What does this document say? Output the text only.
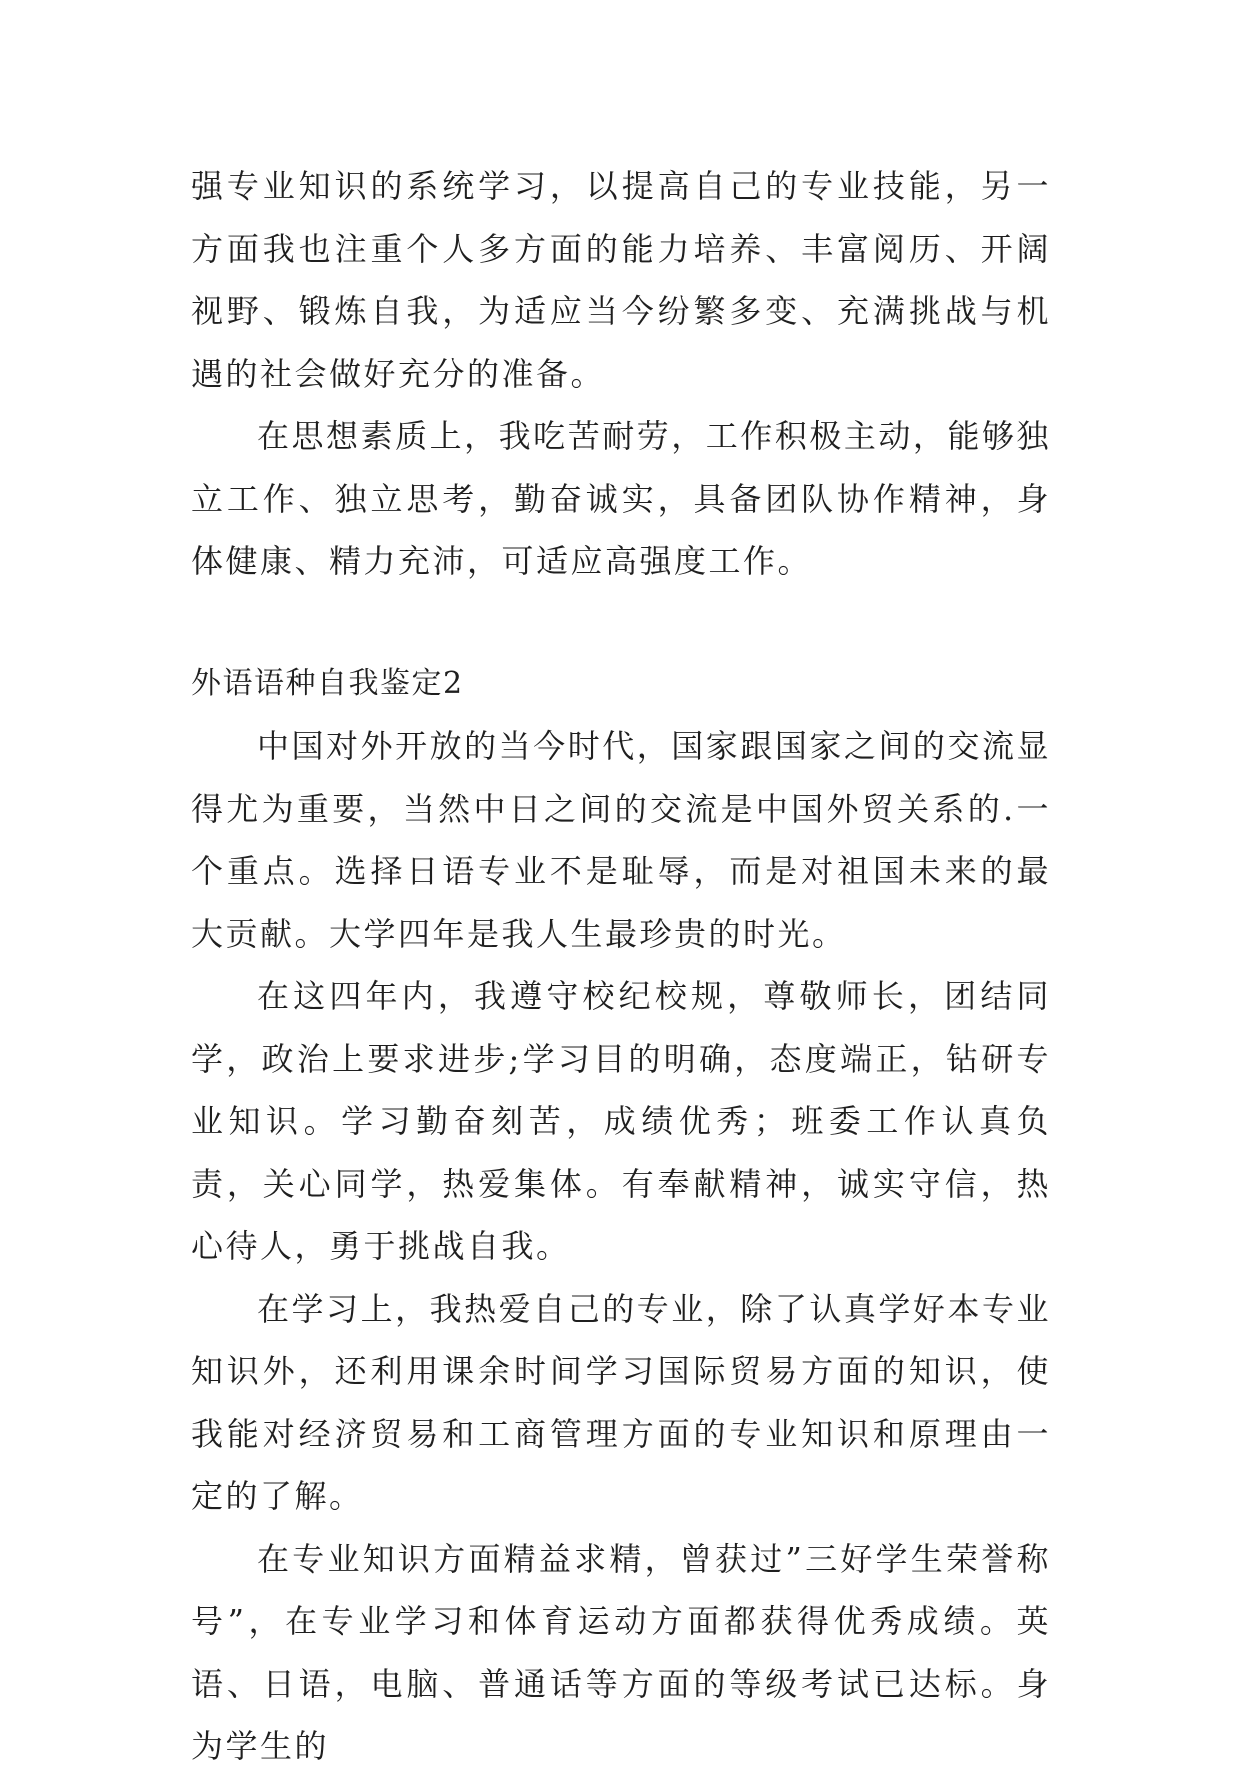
强专业知识的系统学习，以提高自己的专业技能，另一方面我也注重个人多方面的能力培养、丰富阅历、开阔视野、锻炼自我，为适应当今纷繁多变、充满挑战与机遇的社会做好充分的准备。

在思想素质上，我吃苦耐劳，工作积极主动，能够独立工作、独立思考，勤奋诚实，具备团队协作精神，身体健康、精力充沛，可适应高强度工作。

外语语种自我鉴定2

中国对外开放的当今时代，国家跟国家之间的交流显得尤为重要，当然中日之间的交流是中国外贸关系的.一个重点。选择日语专业不是耻辱，而是对祖国未来的最大贡献。大学四年是我人生最珍贵的时光。

在这四年内，我遵守校纪校规，尊敬师长，团结同学，政治上要求进步;学习目的明确，态度端正，钻研专业知识。学习勤奋刻苦，成绩优秀；班委工作认真负责，关心同学，热爱集体。有奉献精神，诚实守信，热心待人，勇于挑战自我。

在学习上，我热爱自己的专业，除了认真学好本专业知识外，还利用课余时间学习国际贸易方面的知识，使我能对经济贸易和工商管理方面的专业知识和原理由一定的了解。

在专业知识方面精益求精，曾获过”三好学生荣誉称号”，在专业学习和体育运动方面都获得优秀成绩。英语、日语，电脑、普通话等方面的等级考试已达标。身为学生的
